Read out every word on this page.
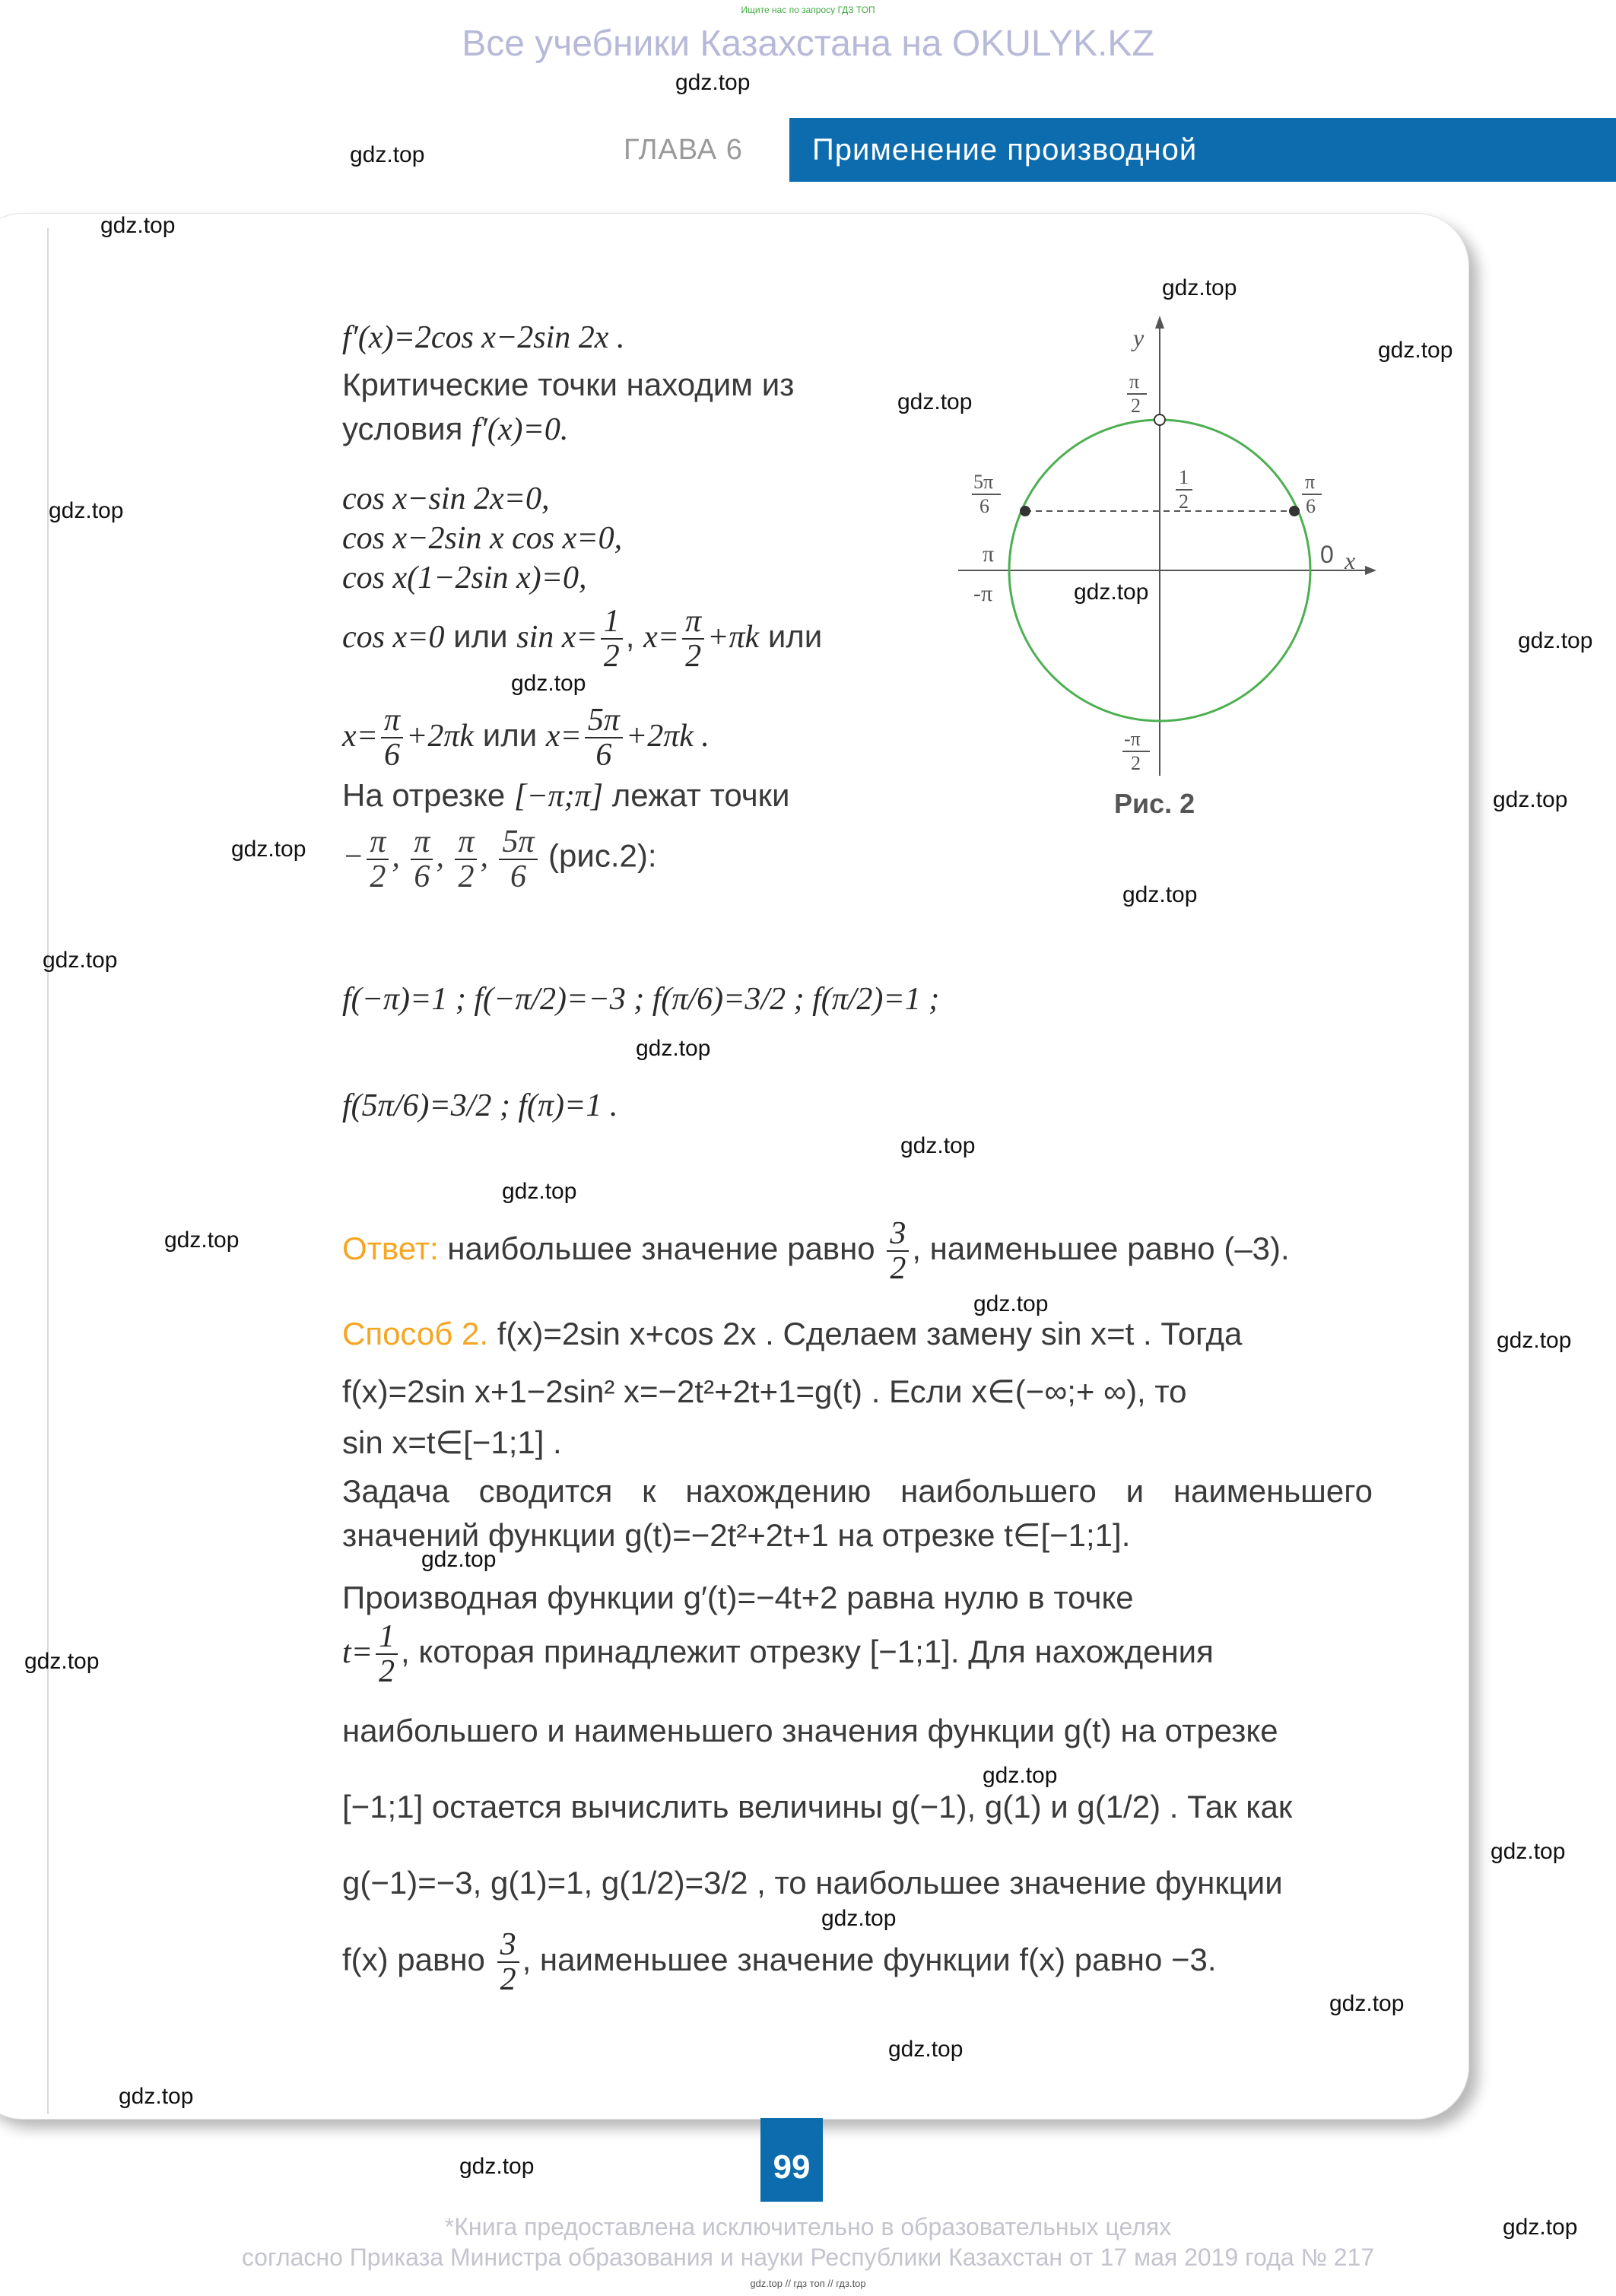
Ищите нас по запросу ГДЗ ТОП
Все учебники Казахстана на OKULYK.KZ
ГЛАВА 6 Применение производной
f′(x)=2cos x−2sin 2x .
Критические точки находим из
условия f′(x)=0.
cos x−sin 2x=0,
cos x−2sin x cos x=0,
cos x(1−2sin x)=0,
cos x=0 или $\sin x= \frac{1}{2}$ , $x= \frac{\pi}{2} +\pi k$ или
$x= \frac{\pi}{6} +2\pi k$ или $x= \frac{5\pi}{6} +2\pi k$ .
На отрезке [−π;π] лежат точки
− $\frac{\pi}{2}$ , $\frac{\pi}{6}$ , $\frac{\pi}{2}$ , $\frac{5\pi}{6} (рис.2)$:
f(−π)=1 ; f(−π/2)=−3 ; f(π/6)=3/2 ; f(π/2)=1 ;
f(5π/6)=3/2 ; f(π)=1 .
Ответ: наибольшее значение равно $\frac{3}{2}$ , наименьшее равно (–3).
Способ 2. f(x)=2sin x+cos 2x . Сделаем замену sin x=t . Тогда
f(x)=2sin x+1−2sin² x=−2t²+2t+1=g(t) . Если x∈(−∞;+ ∞), то
sin x=t∈[−1;1] .
Задача сводится к нахождению наибольшего и наименьшего значений функции g(t)=−2t²+2t+1 на отрезке t∈[−1;1].
Производная функции g′(t)=−4t+2 равна нулю в точке
$t= \frac{1}{2}$ , которая принадлежит отрезку [−1;1]. Для нахождения
наибольшего и наименьшего значения функции g(t) на отрезке
[−1;1] остается вычислить величины g(−1), g(1) и g(1/2) . Так как
g(−1)=−3, g(1)=1, g(1/2)=3/2 , то наибольшее значение функции
f(x) равно $\frac{3}{2}$ , наименьшее значение функции f(x) равно −3.
y
x
0
π
-π
1
2
π
2
-π
2
5π
6
π
6
Рис. 2
gdz.top
gdz.top
gdz.top
gdz.top
gdz.top
gdz.top
gdz.top
gdz.top
gdz.top
gdz.top
gdz.top
gdz.top
gdz.top
gdz.top
gdz.top
gdz.top
gdz.top
gdz.top
gdz.top
gdz.top
gdz.top
gdz.top
gdz.top
gdz.top
gdz.top
gdz.top
gdz.top
gdz.top
gdz.top
gdz.top
99
*Книга предоставлена исключительно в образовательных целях
согласно Приказа Министра образования и науки Республики Казахстан от 17 мая 2019 года № 217
gdz.top // гдз топ // гдз.top
